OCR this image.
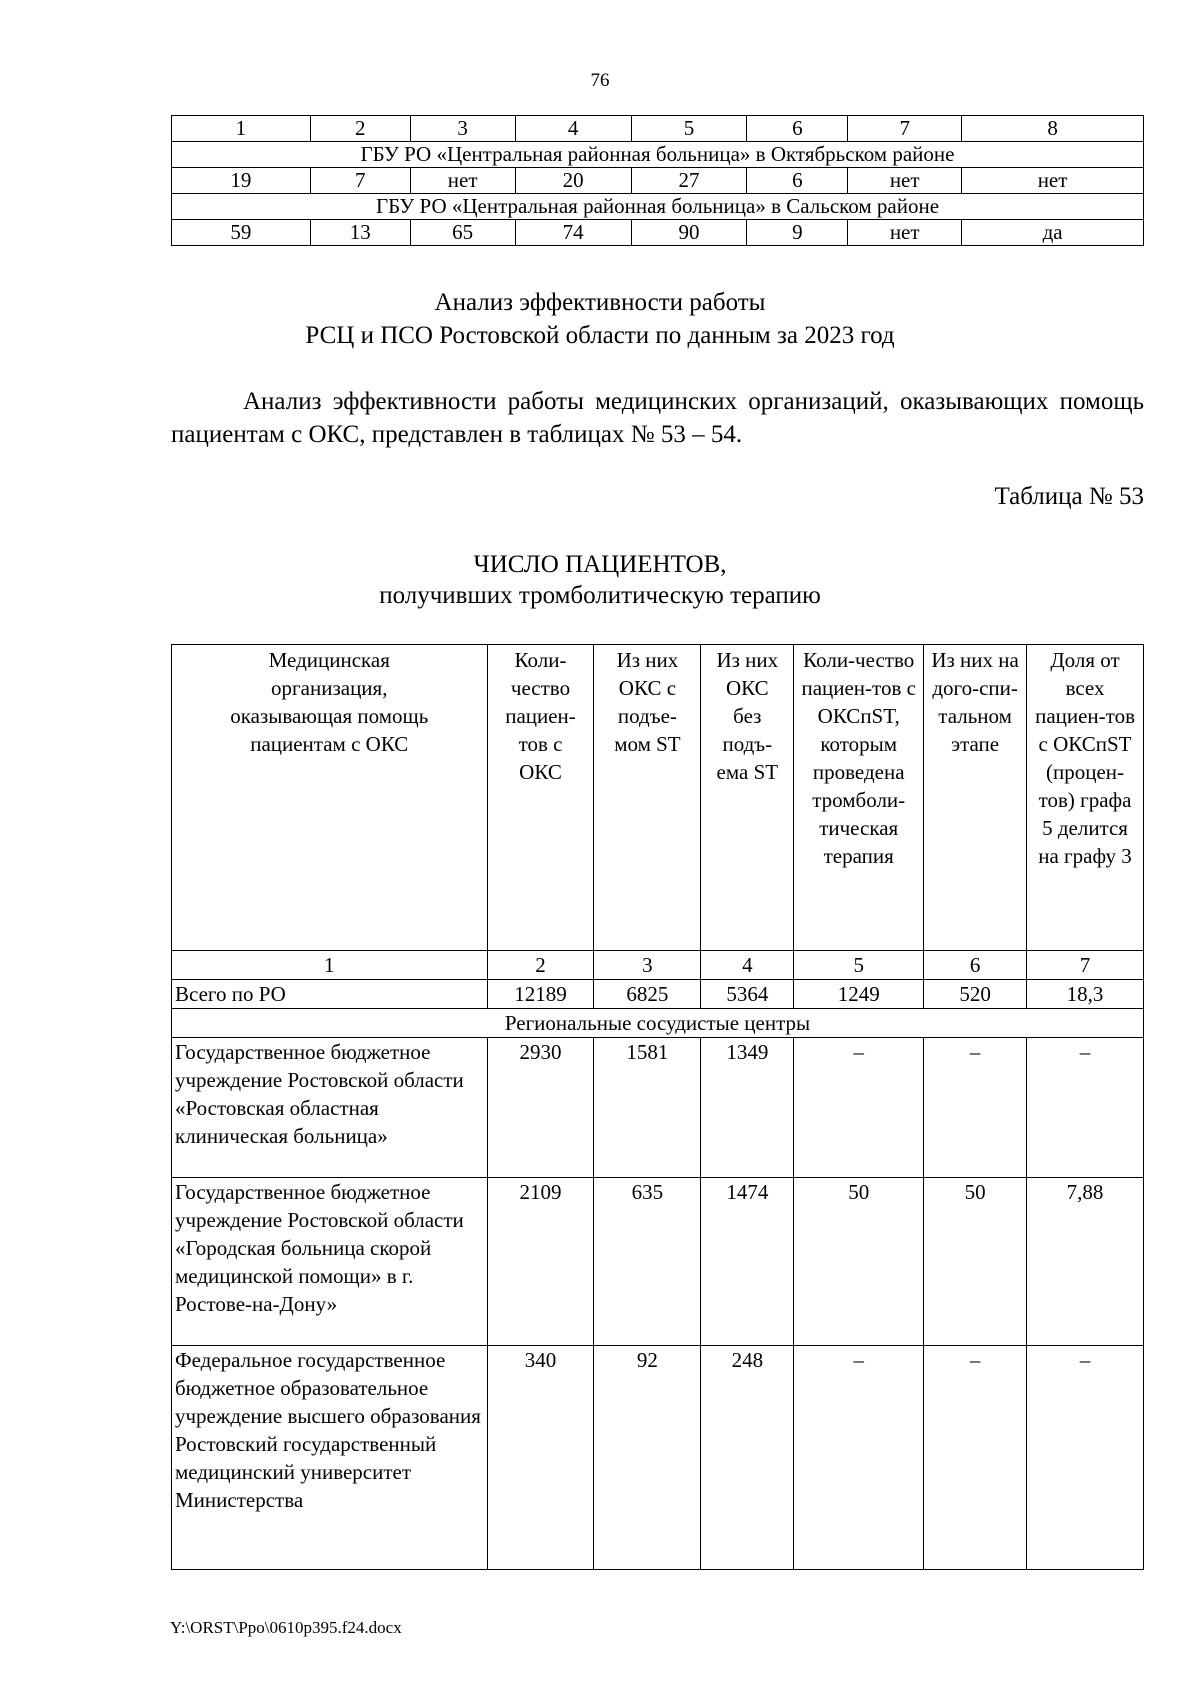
76
1	2	3	4	5	6	7	8
ГБУ РО «Центральная районная больница» в Октябрьском районе							
19	7	нет	20	27	6	нет	нет
ГБУ РО «Центральная районная больница» в Сальском районе							
59	13	65	74	90	9	нет	да
Анализ эффективности работы
РСЦ и ПСО Ростовской области по данным за 2023 год
Анализ эффективности работы медицинских организаций, оказывающих помощь пациентам с ОКС, представлен в таблицах № 53 – 54.
Таблица № 53
ЧИСЛО ПАЦИЕНТОВ,
получивших тромболитическую терапию
Медицинская организация, оказывающая помощь пациентам с ОКС	Коли-чество пациен-тов с ОКС	Из них ОКС с подъе-мом ST	Из них ОКС без подъ-ема ST	Коли-чество пациен-тов с ОКСпST, которым проведена тромболи-тическая терапия	Из них на дого-спи-тальном этапе	Доля от всех пациен-тов с ОКСпST (процен-тов) графа 5 делится на графу 3
1	2	3	4	5	6	7
Всего по РО	12189	6825	5364	1249	520	18,3
Региональные сосудистые центры						
Государственное бюджетное учреждение Ростовской области «Ростовская областная клиническая больница»	2930	1581	1349	–	–	–
Государственное бюджетное учреждение Ростовской области «Городская больница скорой медицинской помощи» в г. Ростове-на-Дону»	2109	635	1474	50	50	7,88
Федеральное государственное бюджетное образовательное учреждение высшего образования Ростовский государственный медицинский университет Министерства	340	92	248	–	–	–
Y:\ORST\Ppo\0610p395.f24.docx
